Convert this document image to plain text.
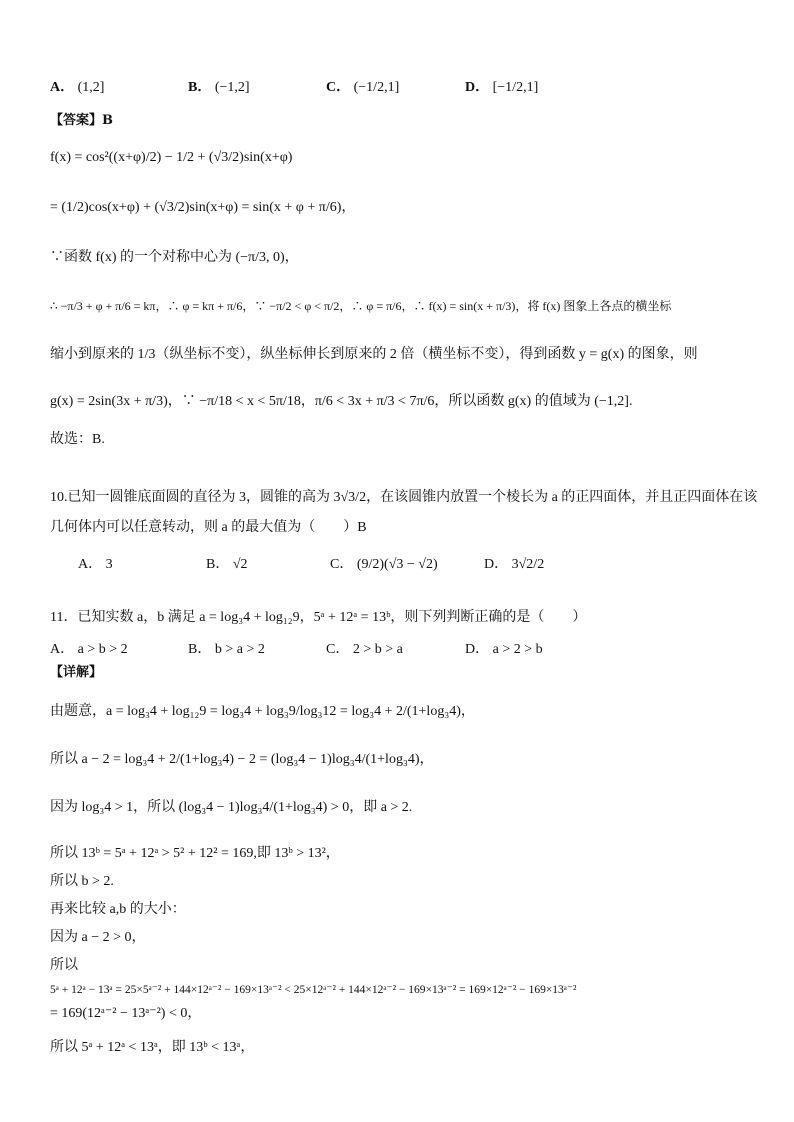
A． (1,2]	B． (−1,2]	C． (−1/2,1]	D． [−1/2,1]
【答案】B
f(x) = cos²((x+φ)/2) − 1/2 + (√3/2)sin(x+φ)
= (1/2)cos(x+φ) + (√3/2)sin(x+φ) = sin(x + φ + π/6)，
∵函数 f(x) 的一个对称中心为 (−π/3, 0)，
∴ −π/3 + φ + π/6 = kπ，∴ φ = kπ + π/6，∵ −π/2 < φ < π/2，∴ φ = π/6，∴ f(x) = sin(x + π/3)，将 f(x) 图象上各点的横坐标
缩小到原来的 1/3（纵坐标不变），纵坐标伸长到原来的 2 倍（横坐标不变），得到函数 y = g(x) 的图象，则
g(x) = 2sin(3x + π/3)，∵ −π/18 < x < 5π/18，π/6 < 3x + π/3 < 7π/6，所以函数 g(x) 的值域为 (−1,2].
故选：B.
10.已知一圆锥底面圆的直径为 3，圆锥的高为 3√3/2，在该圆锥内放置一个棱长为 a 的正四面体，并且正四面体在该
几何体内可以任意转动，则 a 的最大值为（　　）B
A． 3	B． √2	C． (9/2)(√3 − √2)	D． 3√2/2
11．已知实数 a，b 满足 a = log₃4 + log₁₂9，5ᵃ + 12ᵃ = 13ᵇ，则下列判断正确的是（　　）
A． a > b > 2	B． b > a > 2	C． 2 > b > a	D． a > 2 > b
【详解】
由题意，a = log₃4 + log₁₂9 = log₃4 + log₃9/log₃12 = log₃4 + 2/(1+log₃4)，
所以 a − 2 = log₃4 + 2/(1+log₃4) − 2 = (log₃4 − 1)log₃4/(1+log₃4)，
因为 log₃4 > 1，所以 (log₃4 − 1)log₃4/(1+log₃4) > 0，即 a > 2.
所以 13ᵇ = 5ᵃ + 12ᵃ > 5² + 12² = 169,即 13ᵇ > 13²，
所以 b > 2.
再来比较 a,b 的大小：
因为 a − 2 > 0，
所以
5ᵃ + 12ᵃ − 13ᵃ = 25×5ᵃ⁻² + 144×12ᵃ⁻² − 169×13ᵃ⁻² < 25×12ᵃ⁻² + 144×12ᵃ⁻² − 169×13ᵃ⁻² = 169×12ᵃ⁻² − 169×13ᵃ⁻²
= 169(12ᵃ⁻² − 13ᵃ⁻²) < 0，
所以 5ᵃ + 12ᵃ < 13ᵃ，即 13ᵇ < 13ᵃ，
